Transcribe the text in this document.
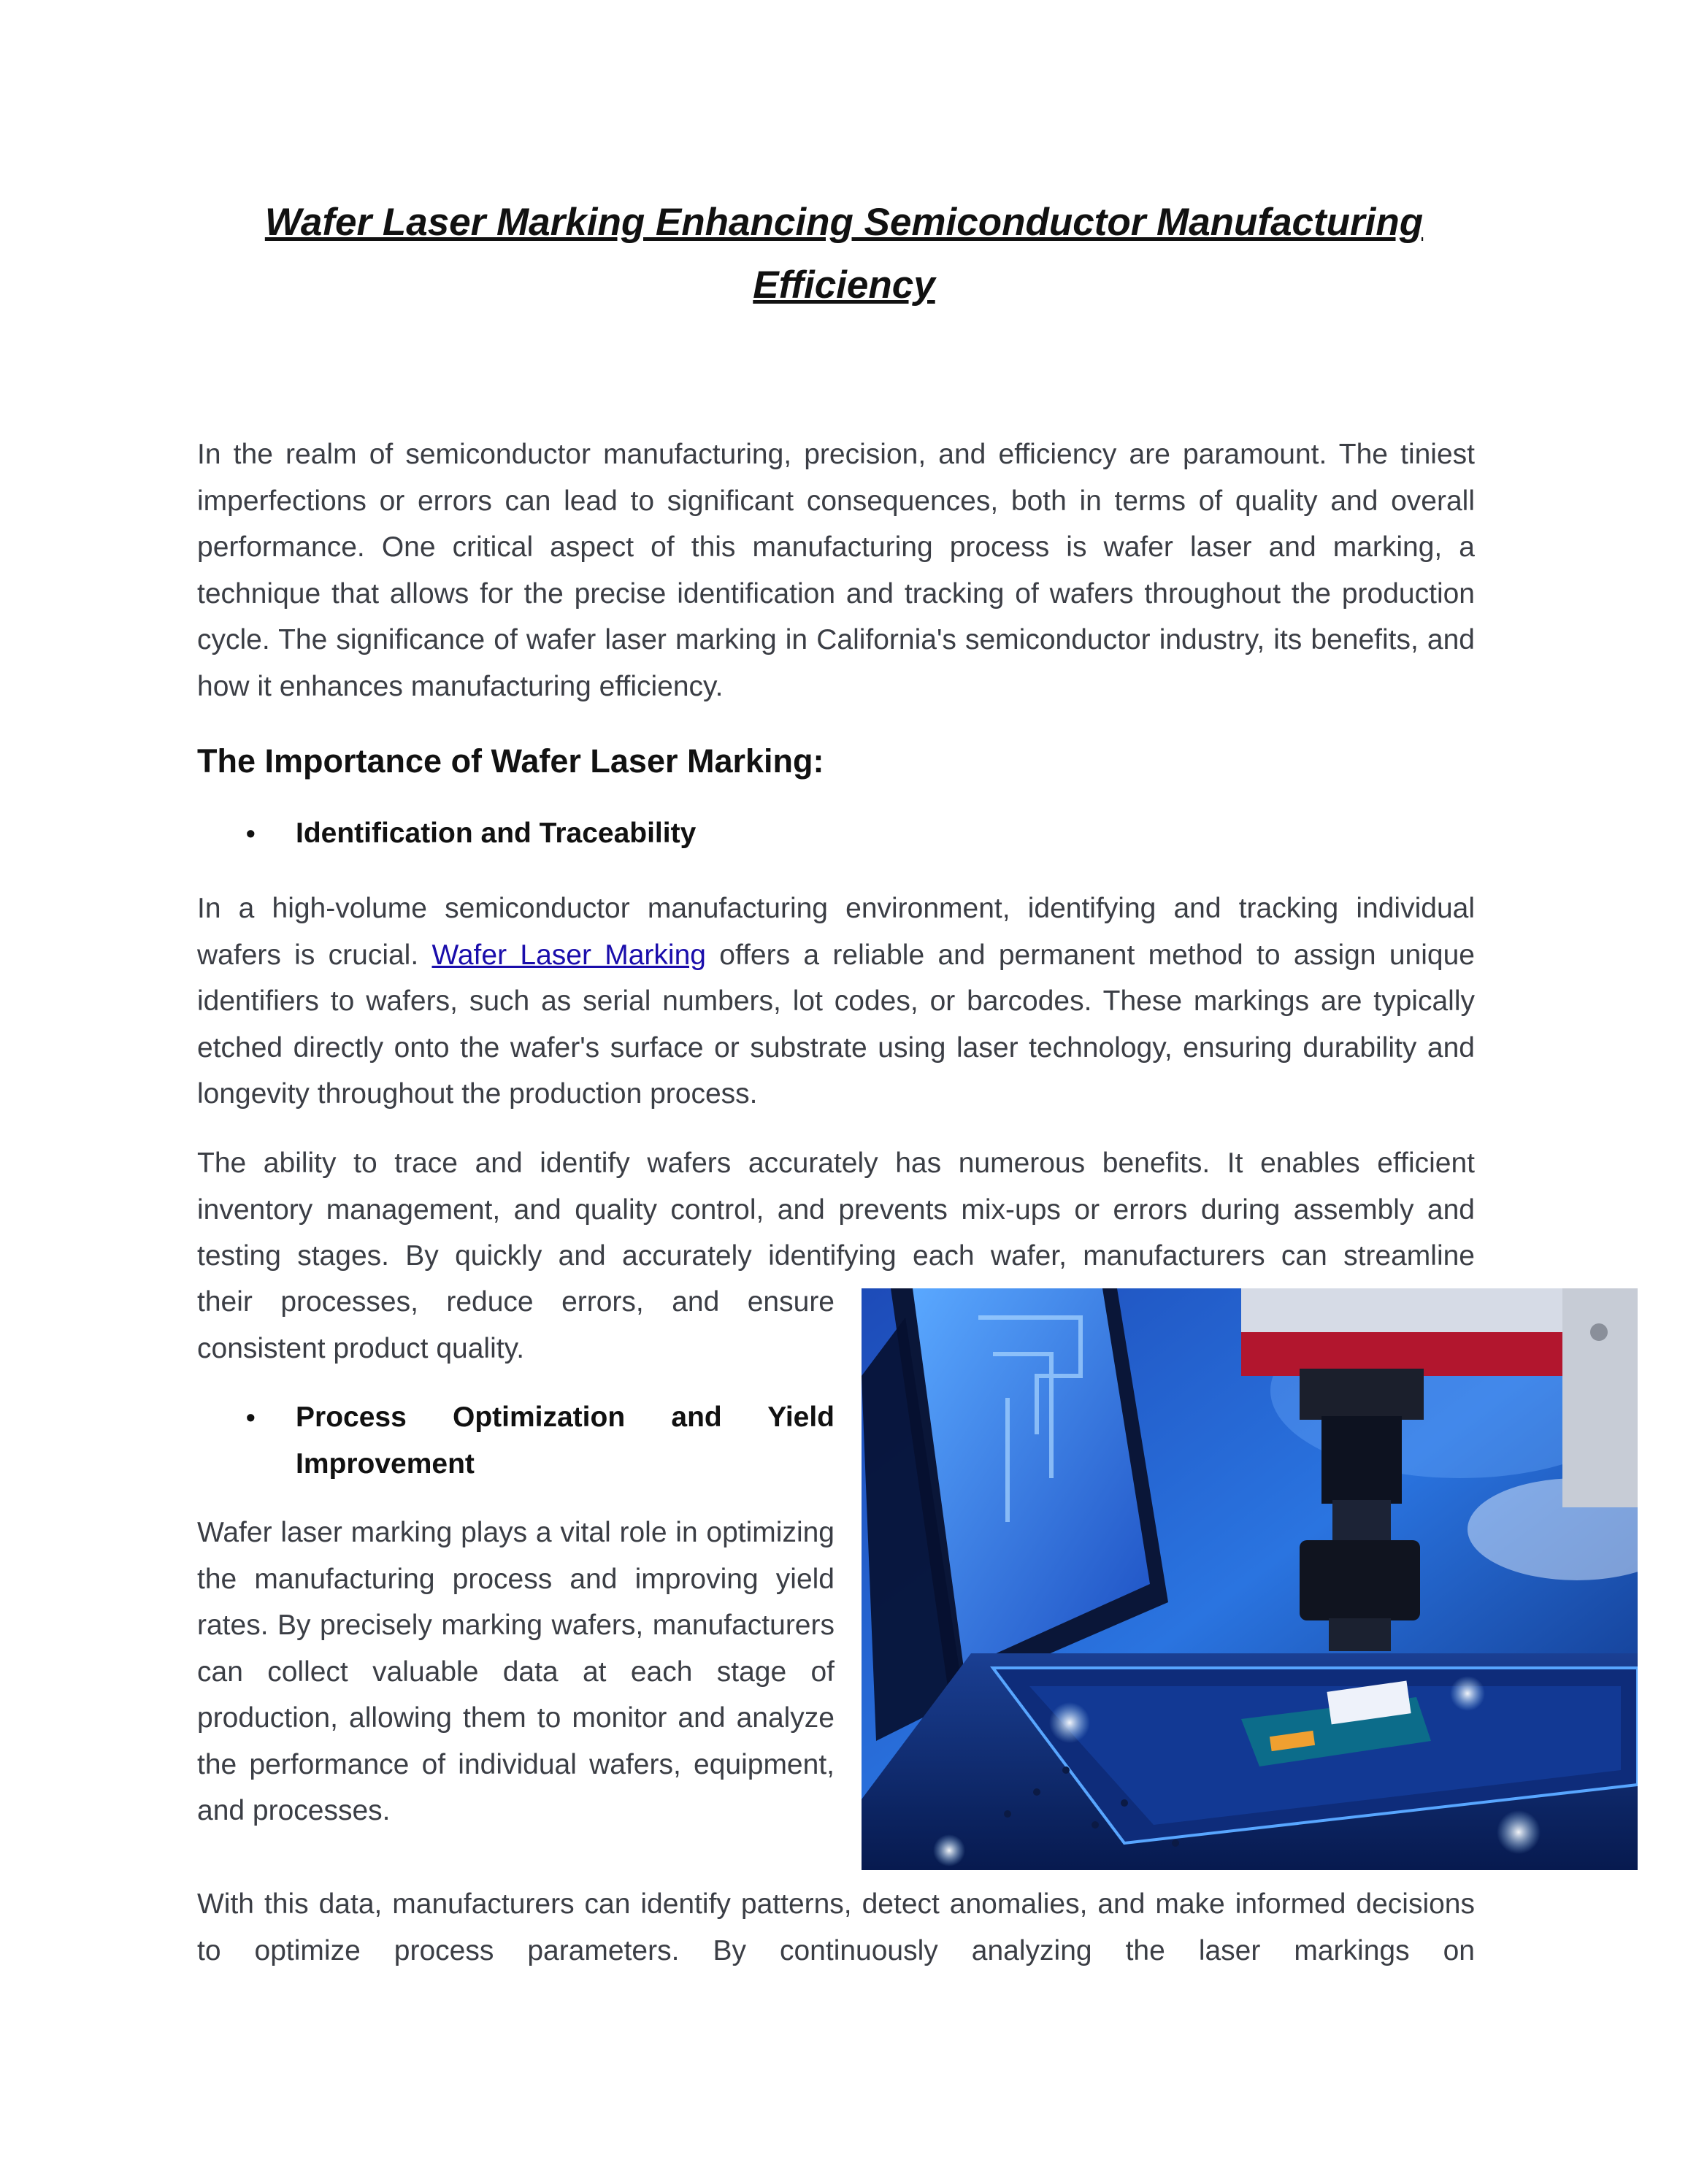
Wafer Laser Marking Enhancing Semiconductor Manufacturing
Efficiency

In the realm of semiconductor manufacturing, precision, and efficiency are paramount. The tiniest imperfections or errors can lead to significant consequences, both in terms of quality and overall performance. One critical aspect of this manufacturing process is wafer laser and marking, a technique that allows for the precise identification and tracking of wafers throughout the production cycle. The significance of wafer laser marking in California's semiconductor industry, its benefits, and how it enhances manufacturing efficiency.

The Importance of Wafer Laser Marking:
•	Identification and Traceability

In a high-volume semiconductor manufacturing environment, identifying and tracking individual wafers is crucial. Wafer Laser Marking offers a reliable and permanent method to assign unique identifiers to wafers, such as serial numbers, lot codes, or barcodes. These markings are typically etched directly onto the wafer's surface or substrate using laser technology, ensuring durability and longevity throughout the production process.

The ability to trace and identify wafers accurately has numerous benefits. It enables efficient inventory management, and quality control, and prevents mix-ups or errors during assembly and testing stages. By quickly and accurately identifying each wafer, manufacturers can streamline

their processes, reduce errors, and ensure consistent product quality.

•	Process Optimization and Yield Improvement

Wafer laser marking plays a vital role in optimizing the manufacturing process and improving yield rates. By precisely marking wafers, manufacturers can collect valuable data at each stage of production, allowing them to monitor and analyze the performance of individual wafers, equipment, and processes.

With this data, manufacturers can identify patterns, detect anomalies, and make informed decisions to optimize process parameters. By continuously analyzing the laser markings on
